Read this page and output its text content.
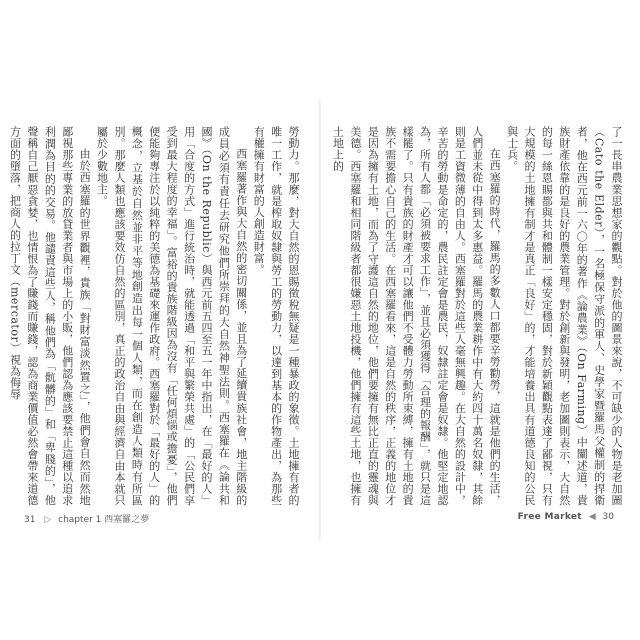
了一長串農業思想家的觀點。對於他的圖景來說，不可缺少的人物是老加圖（Cato the Elder），一名極保守派的軍人、史學家暨羅馬父權制的捍衛者，他在西元前一六〇年的著作《論農業》（On Farming）中闡述道，貴族財產依靠的是良好的農業管理。對於創新與發明，老加圖則表示，大自然的每一絲恩賜都與共和體制一樣安定穩固，對於新穎觀點表達了鄙視，只有大規模的土地擁有制才是真正「良好」的，才能培養出具有道德良知的公民與士兵。

在西塞羅的時代，羅馬的多數人口都要辛勞勸勞，這就是他們的生活，人們並未從中得到太多惠益。羅馬的農業耕作中有大約四十萬名奴隸，其餘則是工資微薄的自由人。西塞羅對於這些人毫無興趣。在大自然的設計中，辛苦的勞動是命定的，農民註定會是農民，奴隸註定會是奴隸。他堅定地認為，所有人都「必須被要求工作」，並且必須獲得「合理的報酬」，就只是這樣罷了。只有貴族的財產才可以讓他們不受體力勞動所束縛，擁有土地的貴族不需要擔心自己的生活。在西塞羅看來，這是自然的秩序，正義的地位才是因為擁有土地，而為了守護這自然的地位，他們要擁有無比正直的靈魂與美德。西塞羅和相同階級者都很嫌惡土地投機，他們擁有這些土地，也擁有土地上的

勞動力。那麼，對大自然的恩賜徵稅無疑是一種暴政的象徵。土地擁有者的唯一工作，就是榨取奴隸與勞工的勞動力，以達到基本的作物產出，為那些有權擁有財富的人創造財富。

西塞羅著作與大自然的密切關係，並且為了延續貴族社會，地主階級的成員必須有責任去研究他們所崇拜的大自然神聖法則。西塞羅在《論共和國》（On the Republic）與西元前五四至五一年中指出，在「最好的人」用「合度的方式」進行統治時，就能透過「和平與繁榮共處」的「公民們享受到最大程度的幸福」。富裕的貴族階級因為沒有「任何煩惱或擔憂」，他們便能夠專注於以純粹的美德為基礎來運作政府。西塞羅對於「最好的人」的概念，立基於自然並非平等地創造出每一個人類，而在創造人類時有所區別。那麼人類也應該要效仿自然的區別，真正的政治自由與經濟自由本就只屬於少數地主。

由於西塞羅的世界觀裡，貴族「對財富淡然置之」，他們會自然而然地鄙視那些專業的放貸業者與市場上的小販，他們認為應該要禁止這種以追求利潤為目的的交易。他譴責這些人，稱他們為「骯髒的」和「卑賤的」，他聲稱自己厭惡貪婪，也情恨為了賺錢而賺錢，認為商業價值必然會帶來道德方面的墮落，把商人的拉丁文（mercator）視為侮辱

31 ▷ chapter 1 西塞羅之夢	Free Market ◀ 30
